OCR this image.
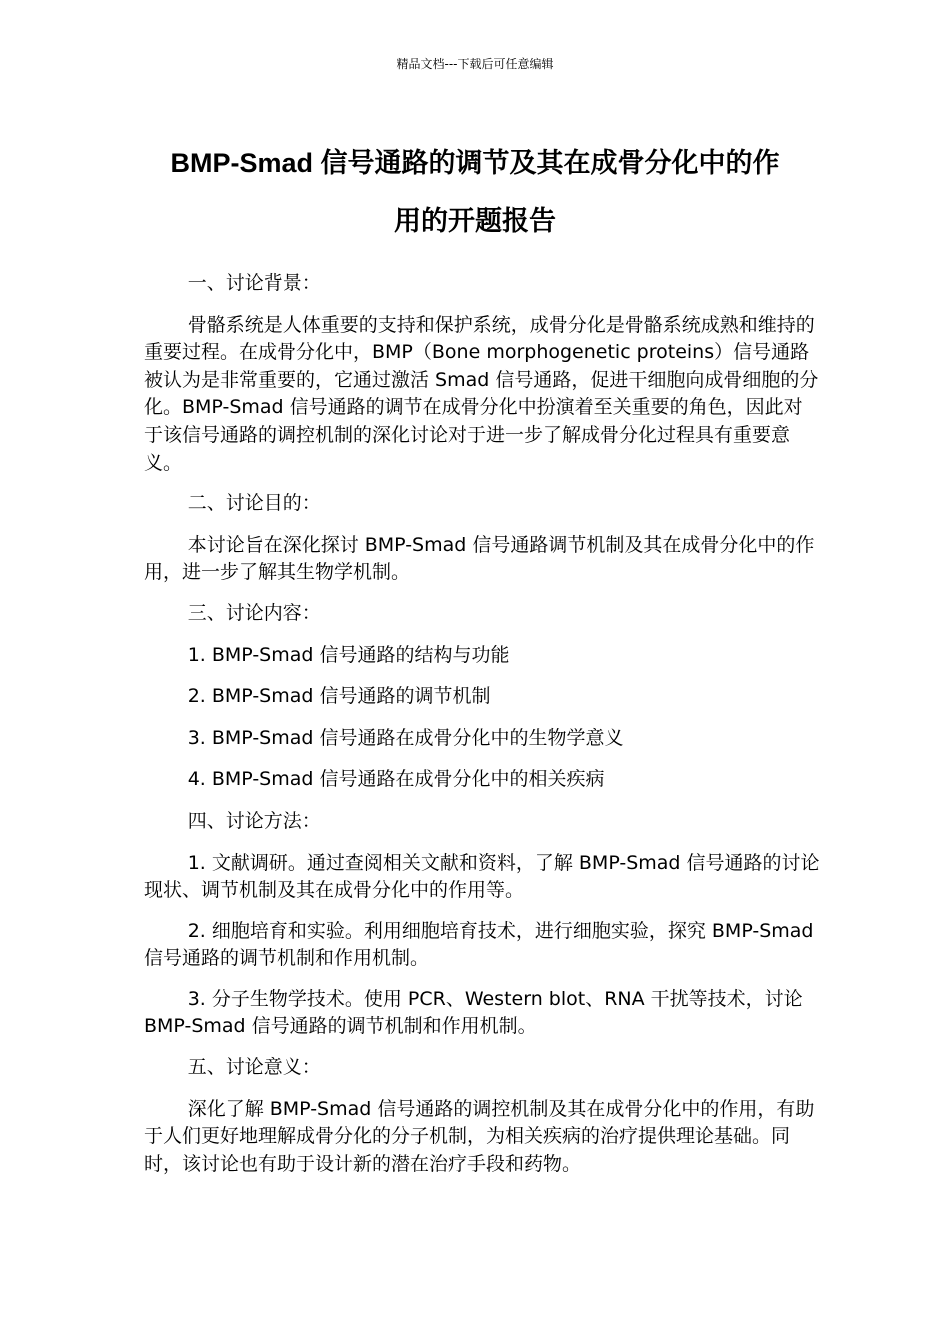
精品文档---下载后可任意编辑
BMP-Smad 信号通路的调节及其在成骨分化中的作
用的开题报告

一、讨论背景：

骨骼系统是人体重要的支持和保护系统，成骨分化是骨骼系统成熟和维持的重要过程。在成骨分化中，BMP（Bone morphogenetic proteins）信号通路被认为是非常重要的，它通过激活 Smad 信号通路，促进干细胞向成骨细胞的分化。BMP-Smad 信号通路的调节在成骨分化中扮演着至关重要的角色，因此对于该信号通路的调控机制的深化讨论对于进一步了解成骨分化过程具有重要意义。

二、讨论目的：

本讨论旨在深化探讨 BMP-Smad 信号通路调节机制及其在成骨分化中的作用，进一步了解其生物学机制。

三、讨论内容：

1. BMP-Smad 信号通路的结构与功能

2. BMP-Smad 信号通路的调节机制

3. BMP-Smad 信号通路在成骨分化中的生物学意义

4. BMP-Smad 信号通路在成骨分化中的相关疾病

四、讨论方法：

1. 文献调研。通过查阅相关文献和资料，了解 BMP-Smad 信号通路的讨论现状、调节机制及其在成骨分化中的作用等。

2. 细胞培育和实验。利用细胞培育技术，进行细胞实验，探究 BMP-Smad 信号通路的调节机制和作用机制。

3. 分子生物学技术。使用 PCR、Western blot、RNA 干扰等技术，讨论 BMP-Smad 信号通路的调节机制和作用机制。

五、讨论意义：

深化了解 BMP-Smad 信号通路的调控机制及其在成骨分化中的作用，有助于人们更好地理解成骨分化的分子机制，为相关疾病的治疗提供理论基础。同时，该讨论也有助于设计新的潜在治疗手段和药物。
